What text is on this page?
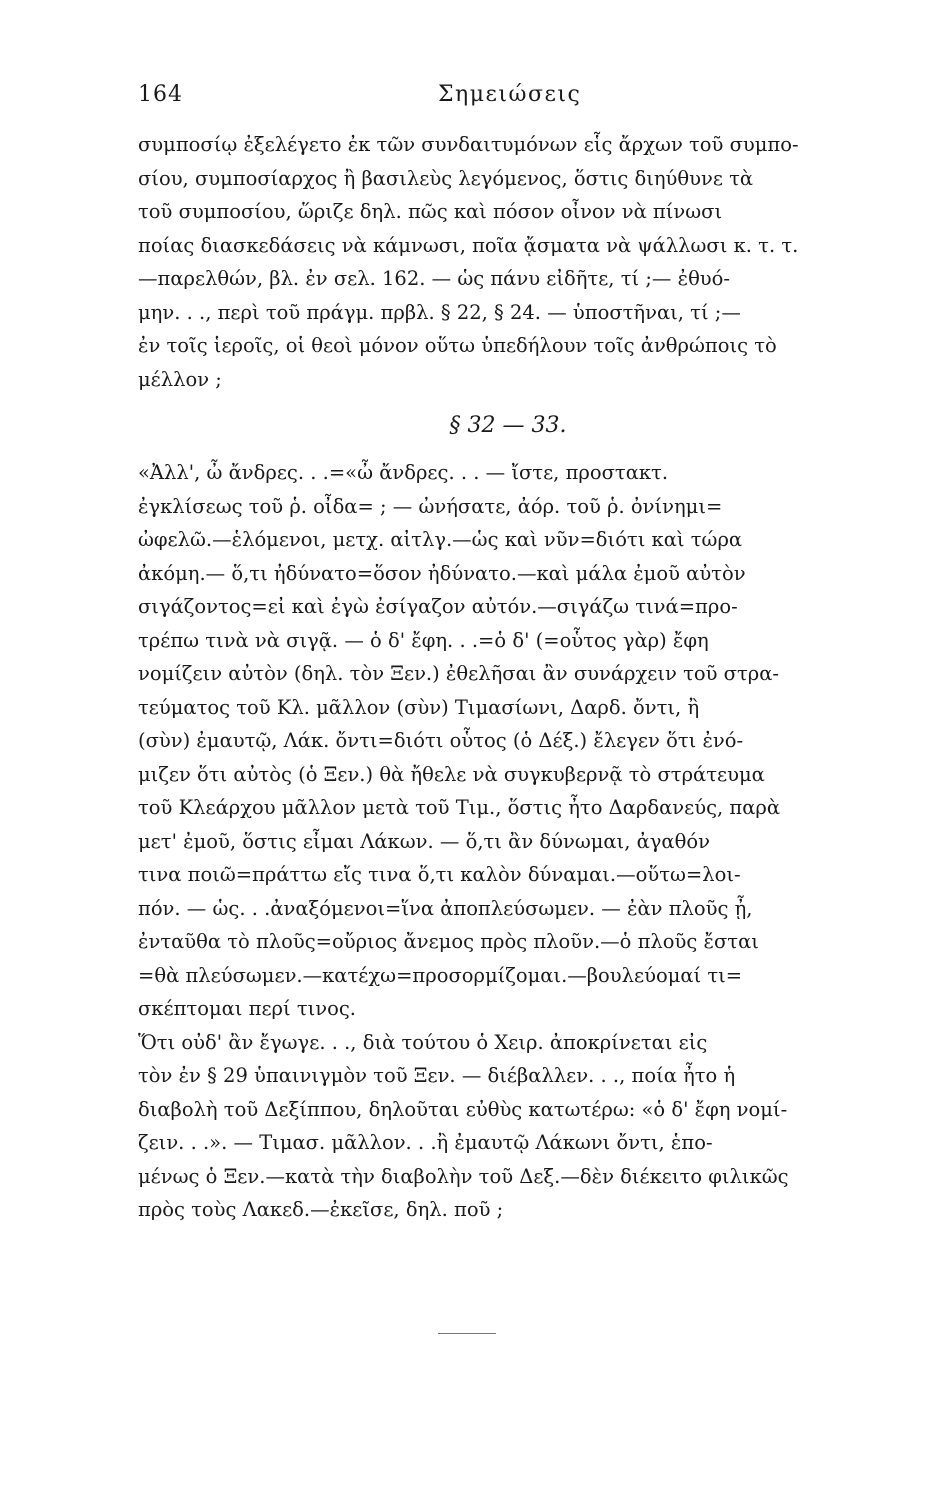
164	Σημειώσεις
συμποσίῳ ἐξελέγετο ἐκ τῶν συνδαιτυμόνων εἷς ἄρχων τοῦ συμπο-
σίου, συμποσίαρχος ἢ βασιλεὺς λεγόμενος, ὅστις διηύθυνε τὰ
τοῦ συμποσίου, ὥριζε δηλ. πῶς καὶ πόσον οἶνον νὰ πίνωσι
ποίας διασκεδάσεις νὰ κάμνωσι, ποῖα ᾄσματα νὰ ψάλλωσι κ. τ. τ.
—παρελθών, βλ. ἐν σελ. 162. — ὡς πάνυ εἰδῆτε, τί ;— ἐθυό-
μην. . ., περὶ τοῦ πράγμ. πρβλ. § 22, § 24. — ὑποστῆναι, τί ;—
ἐν τοῖς ἱεροῖς, οἱ θεοὶ μόνον οὕτω ὑπεδήλουν τοῖς ἀνθρώποις τὸ
μέλλον ;
§ 32 — 33.
«Ἀλλ', ὦ ἄνδρες. . .=«ὦ ἄνδρες. . . — ἴστε, προστακτ.
ἐγκλίσεως τοῦ ῥ. οἶδα= ; — ὠνήσατε, ἀόρ. τοῦ ῥ. ὀνίνημι=
ὠφελῶ.—ἑλόμενοι, μετχ. αἰτλγ.—ὡς καὶ νῦν=διότι καὶ τώρα
ἀκόμη.— ὅ,τι ἠδύνατο=ὅσον ἠδύνατο.—καὶ μάλα ἐμοῦ αὐτὸν
σιγάζοντος=εἰ καὶ ἐγὼ ἐσίγαζον αὐτόν.—σιγάζω τινά=προ-
τρέπω τινὰ νὰ σιγᾷ. — ὁ δ' ἔφη. . .=ὁ δ' (=οὗτος γὰρ) ἔφη
νομίζειν αὐτὸν (δηλ. τὸν Ξεν.) ἐθελῆσαι ἂν συνάρχειν τοῦ στρα-
τεύματος τοῦ Κλ. μᾶλλον (σὺν) Τιμασίωνι, Δαρδ. ὄντι, ἢ
(σὺν) ἐμαυτῷ, Λάκ. ὄντι=διότι οὗτος (ὁ Δέξ.) ἔλεγεν ὅτι ἐνό-
μιζεν ὅτι αὐτὸς (ὁ Ξεν.) θὰ ἤθελε νὰ συγκυβερνᾷ τὸ στράτευμα
τοῦ Κλεάρχου μᾶλλον μετὰ τοῦ Τιμ., ὅστις ἦτο Δαρδανεύς, παρὰ
μετ' ἐμοῦ, ὅστις εἶμαι Λάκων. — ὅ,τι ἂν δύνωμαι, ἀγαθόν
τινα ποιῶ=πράττω εἴς τινα ὅ,τι καλὸν δύναμαι.—οὕτω=λοι-
πόν. — ὡς. . .ἀναξόμενοι=ἵνα ἀποπλεύσωμεν. — ἐὰν πλοῦς ᾖ,
ἐνταῦθα τὸ πλοῦς=οὔριος ἄνεμος πρὸς πλοῦν.—ὁ πλοῦς ἔσται
=θὰ πλεύσωμεν.—κατέχω=προσορμίζομαι.—βουλεύομαί τι=
σκέπτομαι περί τινος.
Ὅτι οὐδ' ἂν ἔγωγε. . ., διὰ τούτου ὁ Χειρ. ἀποκρίνεται εἰς
τὸν ἐν § 29 ὑπαινιγμὸν τοῦ Ξεν. — διέβαλλεν. . ., ποία ἦτο ἡ
διαβολὴ τοῦ Δεξίππου, δηλοῦται εὐθὺς κατωτέρω: «ὁ δ' ἔφη νομί-
ζειν. . .». — Τιμασ. μᾶλλον. . .ἢ ἐμαυτῷ Λάκωνι ὄντι, ἑπο-
μένως ὁ Ξεν.—κατὰ τὴν διαβολὴν τοῦ Δεξ.—δὲν διέκειτο φιλικῶς
πρὸς τοὺς Λακεδ.—ἐκεῖσε, δηλ. ποῦ ;
